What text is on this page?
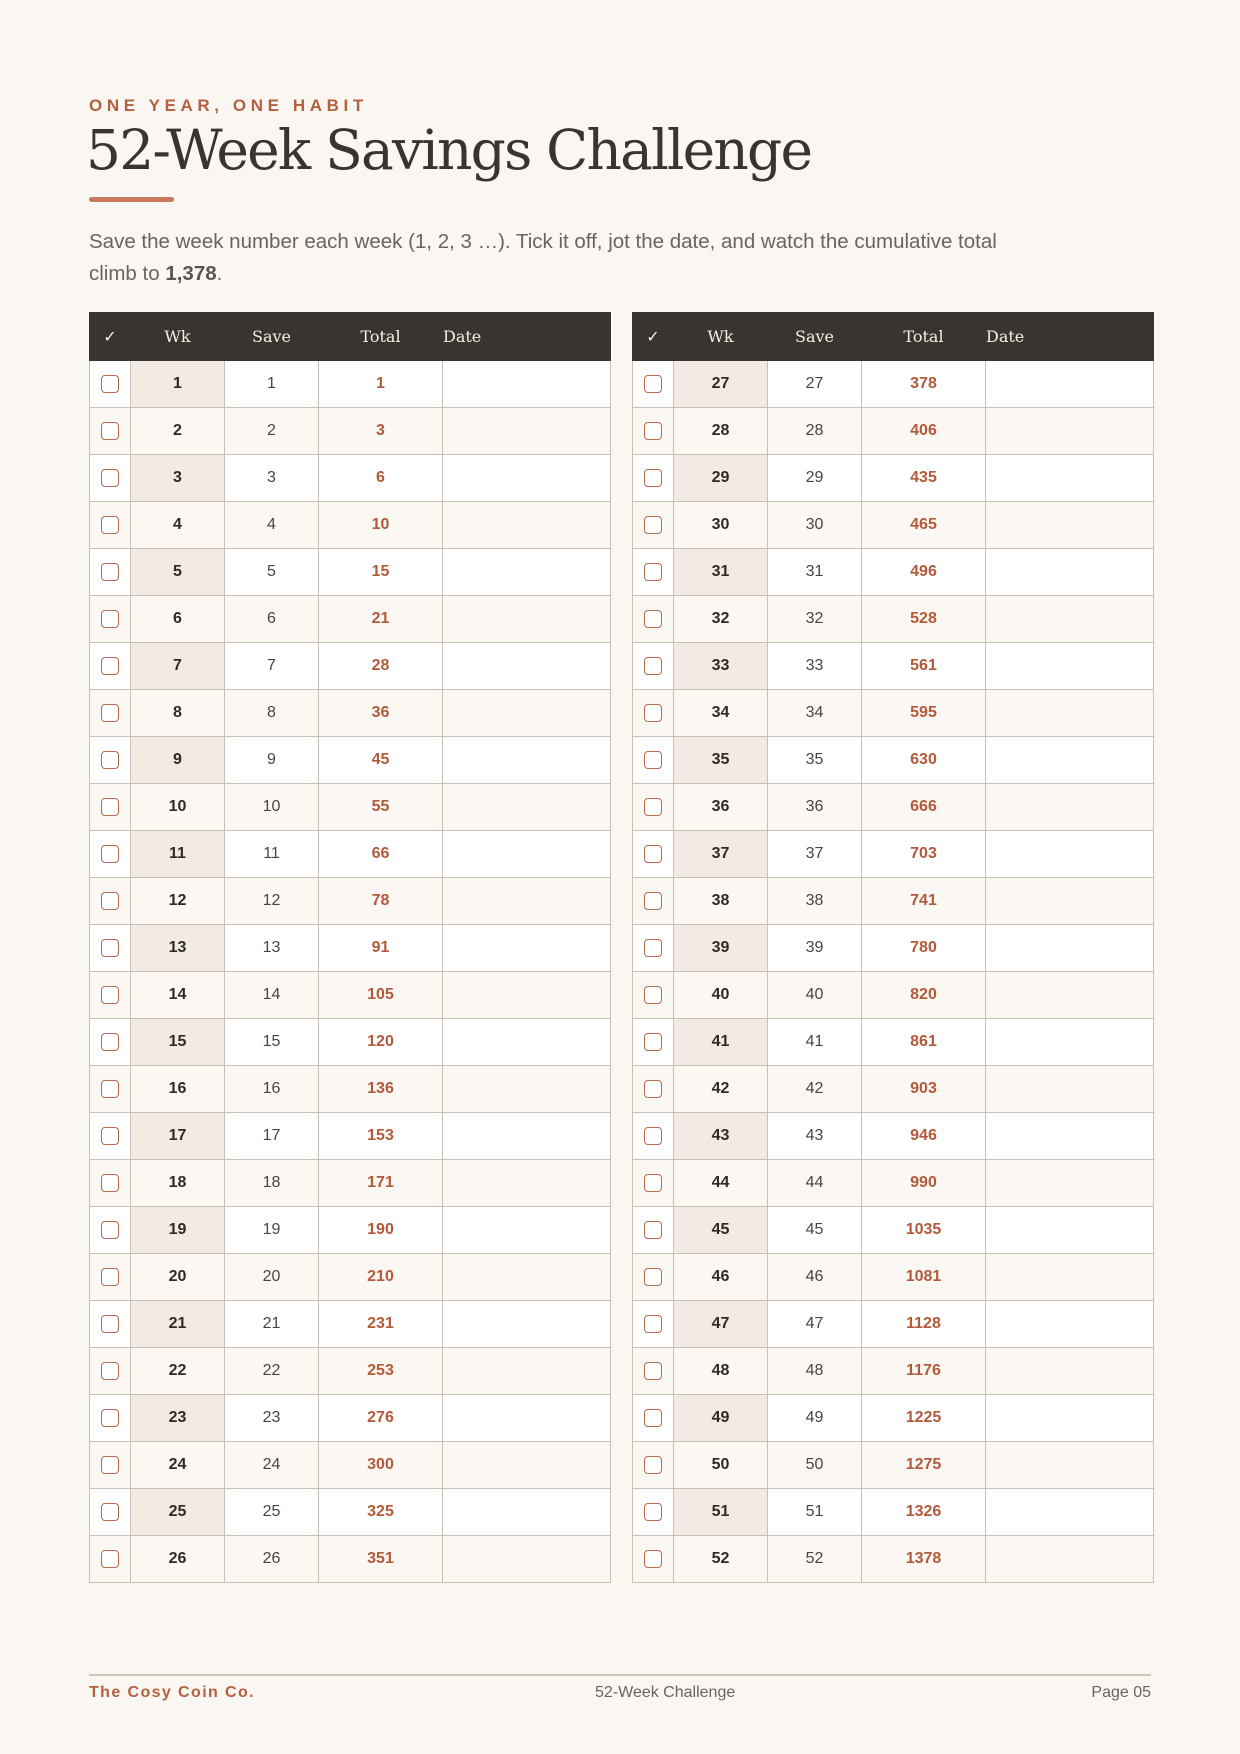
ONE YEAR, ONE HABIT
52-Week Savings Challenge

Save the week number each week (1, 2, 3 …). Tick it off, jot the date, and watch the cumulative total climb to 1,378.

✓	Wk	Save	Total	Date

	1	1	1	

	2	2	3	

	3	3	6	

	4	4	10	

	5	5	15	

	6	6	21	

	7	7	28	

	8	8	36	

	9	9	45	

	10	10	55	

	11	11	66	

	12	12	78	

	13	13	91	

	14	14	105	

	15	15	120	

	16	16	136	

	17	17	153	

	18	18	171	

	19	19	190	

	20	20	210	

	21	21	231	

	22	22	253	

	23	23	276	

	24	24	300	

	25	25	325	

	26	26	351	
✓	Wk	Save	Total	Date

	27	27	378	

	28	28	406	

	29	29	435	

	30	30	465	

	31	31	496	

	32	32	528	

	33	33	561	

	34	34	595	

	35	35	630	

	36	36	666	

	37	37	703	

	38	38	741	

	39	39	780	

	40	40	820	

	41	41	861	

	42	42	903	

	43	43	946	

	44	44	990	

	45	45	1035	

	46	46	1081	

	47	47	1128	

	48	48	1176	

	49	49	1225	

	50	50	1275	

	51	51	1326	

	52	52	1378	
The Cosy Coin Co.	52-Week Challenge	Page 05
